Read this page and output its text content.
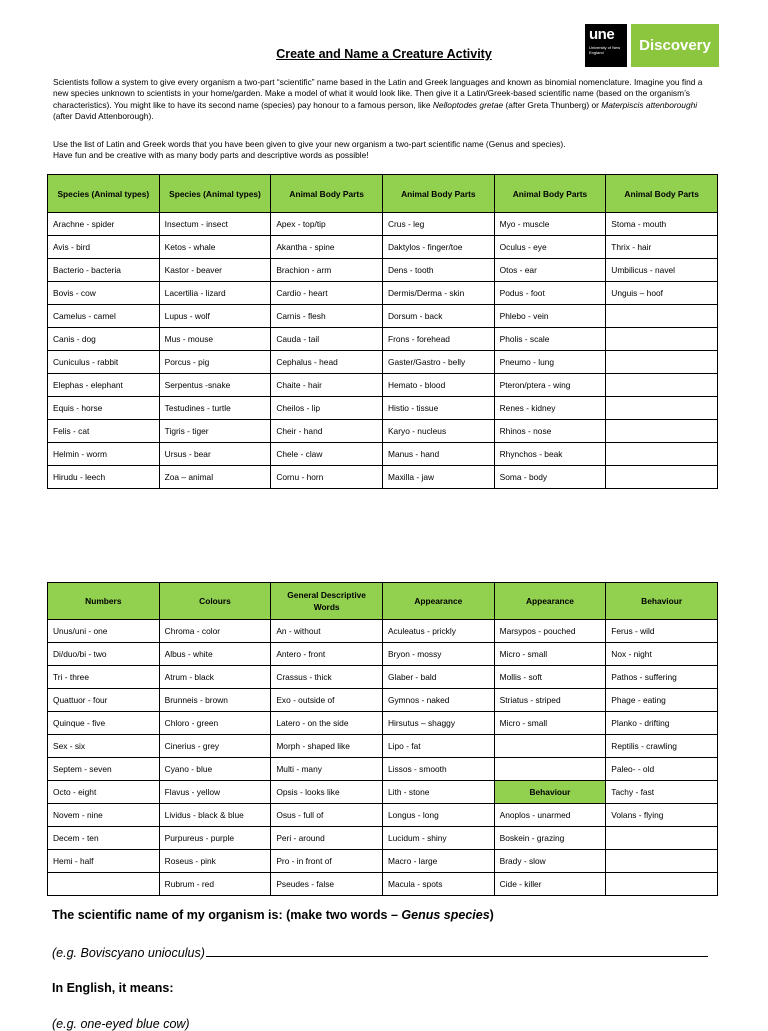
Create and Name a Creature Activity
une
University of New England	Discovery

Scientists follow a system to give every organism a two-part “scientific” name based in the Latin and Greek languages and known as binomial nomenclature. Imagine you find a new species unknown to scientists in your home/garden. Make a model of what it would look like. Then give it a Latin/Greek-based scientific name (based on the organism’s characteristics). You might like to have its second name (species) pay honour to a famous person, like Nelloptodes gretae (after Greta Thunberg) or Materpiscis attenboroughi (after David Attenborough).

Use the list of Latin and Greek words that you have been given to give your new organism a two-part scientific name (Genus and species).
Have fun and be creative with as many body parts and descriptive words as possible!

Species (Animal types)	Species (Animal types)	Animal Body Parts	Animal Body Parts	Animal Body Parts	Animal Body Parts
Arachne - spider	Insectum - insect	Apex - top/tip	Crus - leg	Myo - muscle	Stoma - mouth
Avis - bird	Ketos - whale	Akantha - spine	Daktylos - finger/toe	Oculus - eye	Thrix - hair
Bacterio - bacteria	Kastor - beaver	Brachion - arm	Dens - tooth	Otos - ear	Umbilicus - navel
Bovis - cow	Lacertilia - lizard	Cardio - heart	Dermis/Derma - skin	Podus - foot	Unguis – hoof
Camelus - camel	Lupus - wolf	Carnis - flesh	Dorsum - back	Phlebo - vein	
Canis - dog	Mus - mouse	Cauda - tail	Frons - forehead	Pholis - scale	
Cuniculus - rabbit	Porcus - pig	Cephalus - head	Gaster/Gastro - belly	Pneumo - lung	
Elephas - elephant	Serpentus -snake	Chaite - hair	Hemato - blood	Pteron/ptera - wing	
Equis - horse	Testudines - turtle	Cheilos - lip	Histio - tissue	Renes - kidney	
Felis - cat	Tigris - tiger	Cheir - hand	Karyo - nucleus	Rhinos - nose	
Helmin - worm	Ursus - bear	Chele - claw	Manus - hand	Rhynchos - beak	
Hirudu - leech	Zoa – animal	Cornu - horn	Maxilla - jaw	Soma - body	
Numbers	Colours	General Descriptive Words	Appearance	Appearance	Behaviour
Unus/uni - one	Chroma - color	An - without	Aculeatus - prickly	Marsypos - pouched	Ferus - wild
Di/duo/bi - two	Albus - white	Antero - front	Bryon - mossy	Micro - small	Nox - night
Tri - three	Atrum - black	Crassus - thick	Glaber - bald	Mollis - soft	Pathos - suffering
Quattuor - four	Brunneis - brown	Exo - outside of	Gymnos - naked	Striatus - striped	Phage - eating
Quinque - five	Chloro - green	Latero - on the side	Hirsutus – shaggy	Micro - small	Planko - drifting
Sex - six	Cinerius - grey	Morph - shaped like	Lipo - fat		Reptilis - crawling
Septem - seven	Cyano - blue	Multi - many	Lissos - smooth		Paleo- - old
Octo - eight	Flavus - yellow	Opsis - looks like	Lith - stone	Behaviour	Tachy - fast
Novem - nine	Lividus - black & blue	Osus - full of	Longus - long	Anoplos - unarmed	Volans - flying
Decem - ten	Purpureus - purple	Peri - around	Lucidum - shiny	Boskein - grazing	
Hemi - half	Roseus - pink	Pro - in front of	Macro - large	Brady - slow	
	Rubrum - red	Pseudes - false	Macula - spots	Cide - killer	
The scientific name of my organism is: (make two words – Genus species)
(e.g. Boviscyano unioculus)
In English, it means:
(e.g. one-eyed blue cow)
